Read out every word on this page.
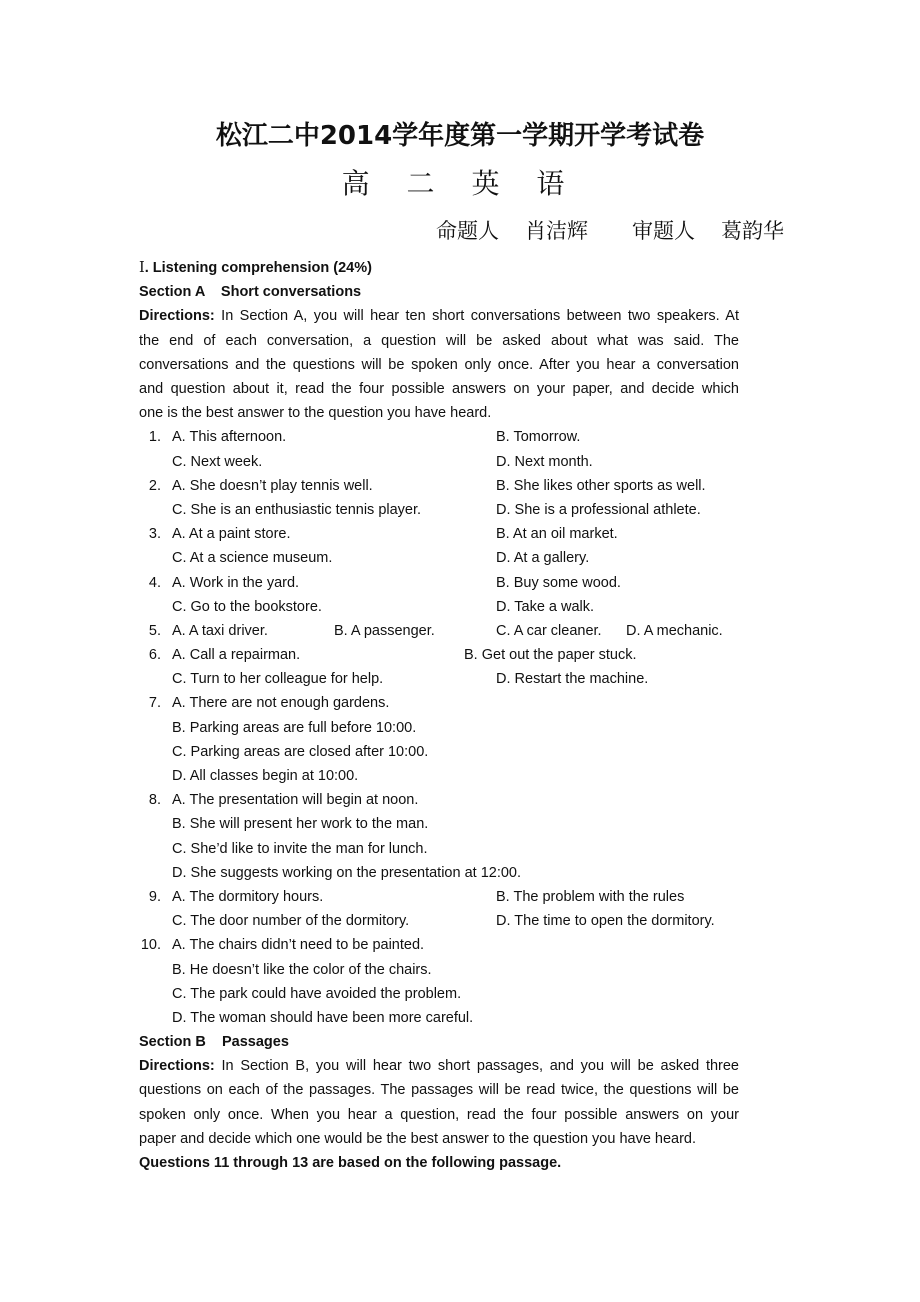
松江二中2014学年度第一学期开学考试卷
高 二 英 语
命题人 肖洁辉 审题人 葛韵华
Ⅰ. Listening comprehension (24%)
Section A    Short conversations
Directions: In Section A, you will hear ten short conversations between two speakers. At
the end of each conversation, a question will be asked about what was said. The
conversations and the questions will be spoken only once. After you hear a conversation
and question about it, read the four possible answers on your paper, and decide which
one is the best answer to the question you have heard.
1. A. This afternoon.	B. Tomorrow.
C. Next week.	D. Next month.
2. A. She doesn’t play tennis well.	B. She likes other sports as well.
C. She is an enthusiastic tennis player.	D. She is a professional athlete.
3. A. At a paint store.	B. At an oil market.
C. At a science museum.	D. At a gallery.
4. A. Work in the yard.	B. Buy some wood.
C. Go to the bookstore.	D. Take a walk.
5. A. A taxi driver.	B. A passenger.	C. A car cleaner. D. A mechanic.
6. A. Call a repairman.	B. Get out the paper stuck.
C. Turn to her colleague for help.	D. Restart the machine.
7. A. There are not enough gardens.
B. Parking areas are full before 10:00.
C. Parking areas are closed after 10:00.
D. All classes begin at 10:00.
8. A. The presentation will begin at noon.
B. She will present her work to the man.
C. She’d like to invite the man for lunch.
D. She suggests working on the presentation at 12:00.
9. A. The dormitory hours.	B. The problem with the rules
C. The door number of the dormitory.	D. The time to open the dormitory.
10. A. The chairs didn’t need to be painted.
B. He doesn’t like the color of the chairs.
C. The park could have avoided the problem.
D. The woman should have been more careful.
Section B    Passages
Directions: In Section B, you will hear two short passages, and you will be asked three
questions on each of the passages. The passages will be read twice, the questions will be
spoken only once. When you hear a question, read the four possible answers on your
paper and decide which one would be the best answer to the question you have heard.
Questions 11 through 13 are based on the following passage.
